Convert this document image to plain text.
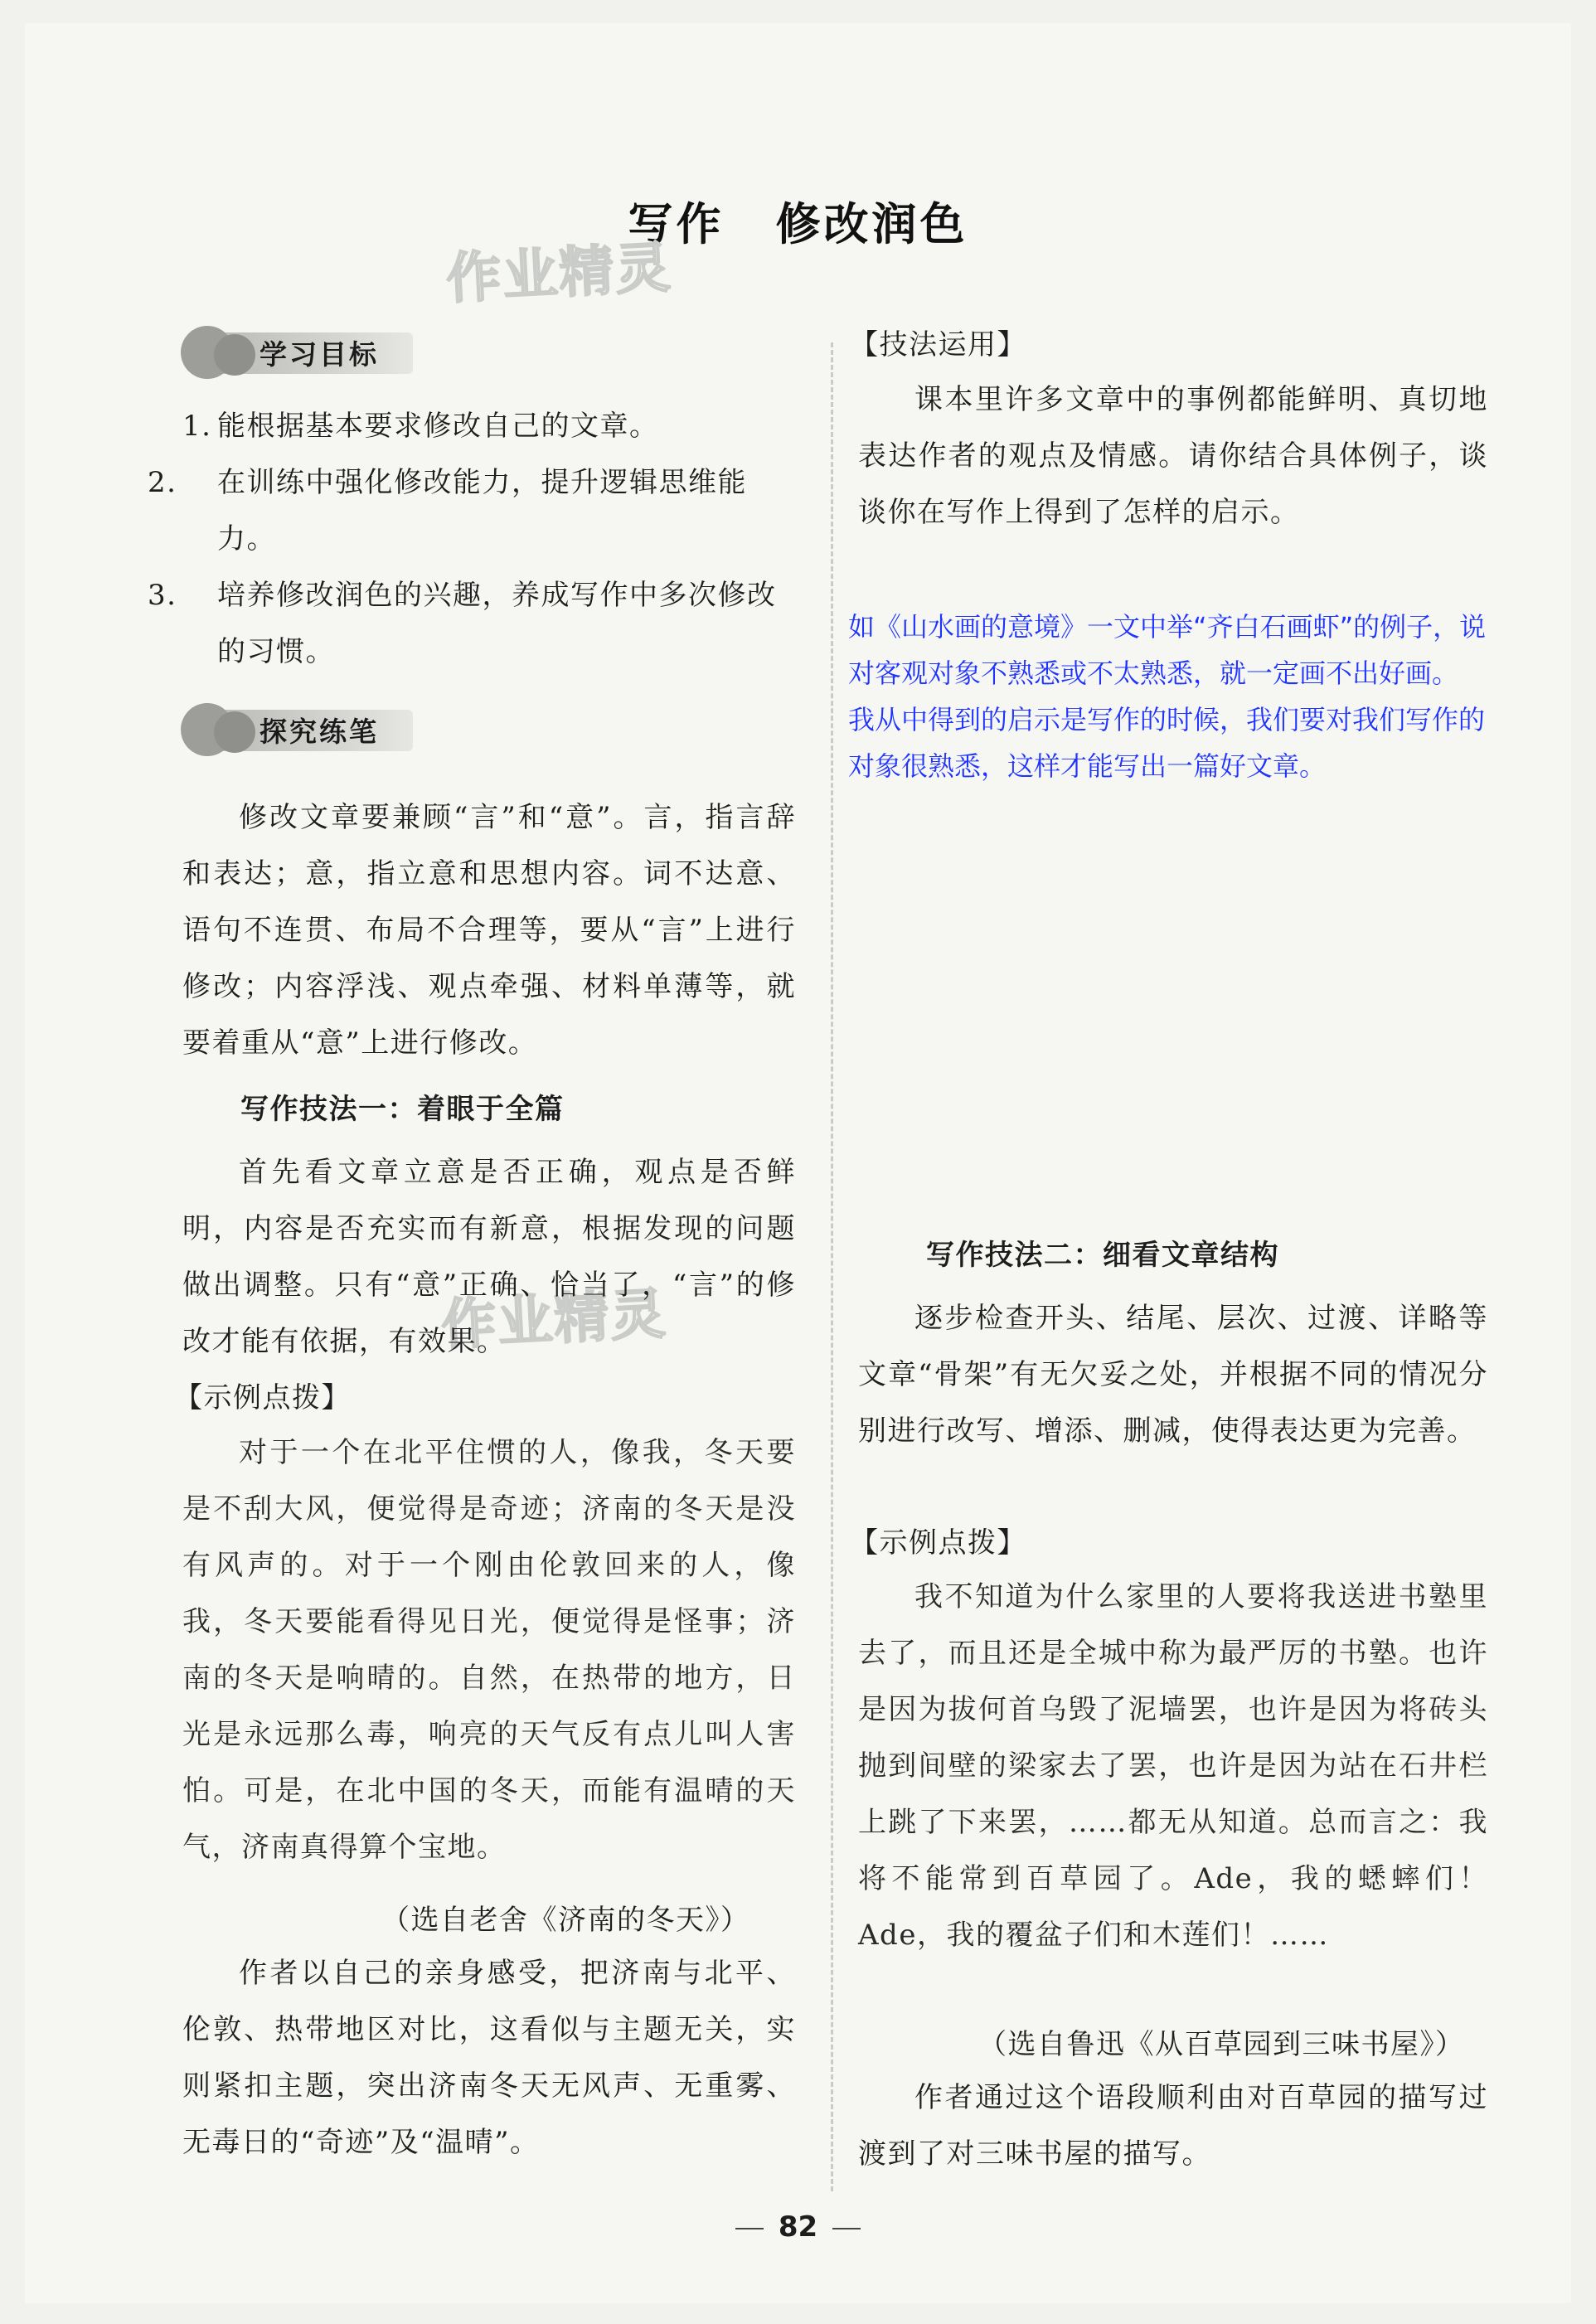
写作 修改润色
作业精灵
作业精灵
学习目标
1. 能根据基本要求修改自己的文章。
2. 在训练中强化修改能力，提升逻辑思维能力。
3. 培养修改润色的兴趣，养成写作中多次修改的习惯。
探究练笔

修改文章要兼顾“言”和“意”。言，指言辞和表达；意，指立意和思想内容。词不达意、语句不连贯、布局不合理等，要从“言”上进行修改；内容浮浅、观点牵强、材料单薄等，就要着重从“意”上进行修改。

写作技法一：着眼于全篇

首先看文章立意是否正确，观点是否鲜明，内容是否充实而有新意，根据发现的问题做出调整。只有“意”正确、恰当了，“言”的修改才能有依据，有效果。

【示例点拨】

对于一个在北平住惯的人，像我，冬天要是不刮大风，便觉得是奇迹；济南的冬天是没有风声的。对于一个刚由伦敦回来的人，像我，冬天要能看得见日光，便觉得是怪事；济南的冬天是响晴的。自然，在热带的地方，日光是永远那么毒，响亮的天气反有点儿叫人害怕。可是，在北中国的冬天，而能有温晴的天气，济南真得算个宝地。

（选自老舍《济南的冬天》）

作者以自己的亲身感受，把济南与北平、伦敦、热带地区对比，这看似与主题无关，实则紧扣主题，突出济南冬天无风声、无重雾、无毒日的“奇迹”及“温晴”。

【技法运用】

课本里许多文章中的事例都能鲜明、真切地表达作者的观点及情感。请你结合具体例子，谈谈你在写作上得到了怎样的启示。

写作技法二：细看文章结构

逐步检查开头、结尾、层次、过渡、详略等文章“骨架”有无欠妥之处，并根据不同的情况分别进行改写、增添、删减，使得表达更为完善。

【示例点拨】

我不知道为什么家里的人要将我送进书塾里去了，而且还是全城中称为最严厉的书塾。也许是因为拔何首乌毁了泥墙罢，也许是因为将砖头抛到间壁的梁家去了罢，也许是因为站在石井栏上跳了下来罢，……都无从知道。总而言之：我将不能常到百草园了。Ade，我的蟋蟀们！Ade，我的覆盆子们和木莲们！……

（选自鲁迅《从百草园到三味书屋》）

作者通过这个语段顺利由对百草园的描写过渡到了对三味书屋的描写。

如《山水画的意境》一文中举“齐白石画虾”的例子，说
对客观对象不熟悉或不太熟悉，就一定画不出好画。
我从中得到的启示是写作的时候，我们要对我们写作的
对象很熟悉，这样才能写出一篇好文章。
82
